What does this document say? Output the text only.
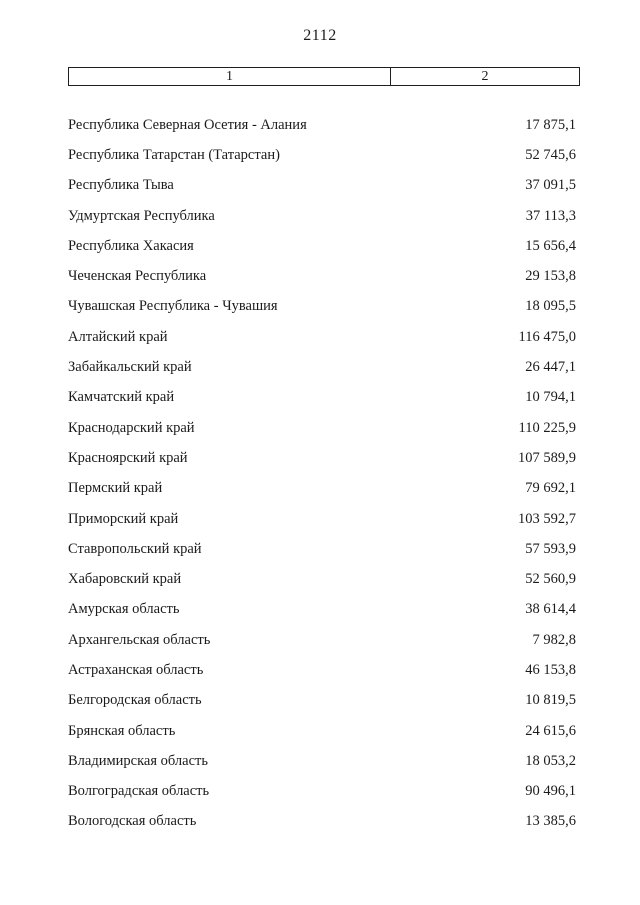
2112
1	2
Республика Северная Осетия - Алания	17 875,1
Республика Татарстан (Татарстан)	52 745,6
Республика Тыва	37 091,5
Удмуртская Республика	37 113,3
Республика Хакасия	15 656,4
Чеченская Республика	29 153,8
Чувашская Республика - Чувашия	18 095,5
Алтайский край	116 475,0
Забайкальский край	26 447,1
Камчатский край	10 794,1
Краснодарский край	110 225,9
Красноярский край	107 589,9
Пермский край	79 692,1
Приморский край	103 592,7
Ставропольский край	57 593,9
Хабаровский край	52 560,9
Амурская область	38 614,4
Архангельская область	7 982,8
Астраханская область	46 153,8
Белгородская область	10 819,5
Брянская область	24 615,6
Владимирская область	18 053,2
Волгоградская область	90 496,1
Вологодская область	13 385,6
